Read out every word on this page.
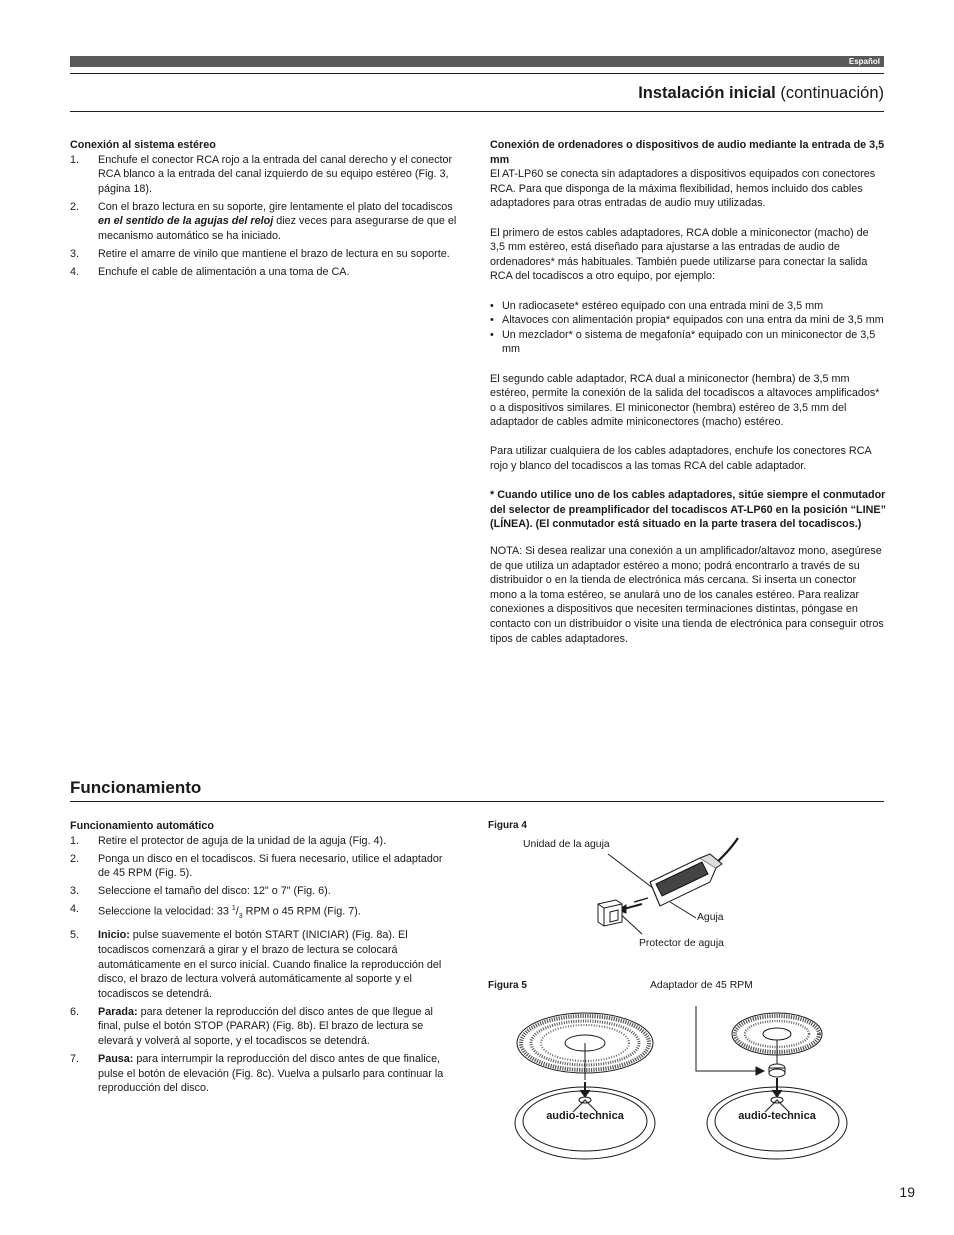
Español
Instalación inicial (continuación)

Conexión al sistema estéreo

1. Enchufe el conector RCA rojo a la entrada del canal derecho y el conector RCA blanco a la entrada del canal izquierdo de su equipo estéreo (Fig. 3, página 18).
2. Con el brazo lectura en su soporte, gire lentamente el plato del tocadiscos en el sentido de la agujas del reloj diez veces para asegurarse de que el mecanismo automático se ha iniciado.
3. Retire el amarre de vinilo que mantiene el brazo de lectura en su soporte.
4. Enchufe el cable de alimentación a una toma de CA.

Conexión de ordenadores o dispositivos de audio mediante la entrada de 3,5 mm

El AT-LP60 se conecta sin adaptadores a dispositivos equipados con conectores RCA. Para que disponga de la máxima flexibilidad, hemos incluido dos cables adaptadores para otras entradas de audio muy utilizadas.

El primero de estos cables adaptadores, RCA doble a miniconector (macho) de 3,5 mm estéreo, está diseñado para ajustarse a las entradas de audio de ordenadores* más habituales. También puede utilizarse para conectar la salida RCA del tocadiscos a otro equipo, por ejemplo:

• Un radiocasete* estéreo equipado con una entrada mini de 3,5 mm
• Altavoces con alimentación propia* equipados con una entra da mini de 3,5 mm
• Un mezclador* o sistema de megafonía* equipado con un miniconector de 3,5 mm

El segundo cable adaptador, RCA dual a miniconector (hembra) de 3,5 mm estéreo, permite la conexión de la salida del tocadiscos a altavoces amplificados* o a dispositivos similares. El miniconector (hembra) estéreo de 3,5 mm del adaptador de cables admite miniconectores (macho) estéreo.

Para utilizar cualquiera de los cables adaptadores, enchufe los conectores RCA rojo y blanco del tocadiscos a las tomas RCA del cable adaptador.

* Cuando utilice uno de los cables adaptadores, sitúe siempre el conmutador del selector de preamplificador del tocadiscos AT-LP60 en la posición “LINE” (LÍNEA). (El conmutador está situado en la parte trasera del tocadiscos.)

NOTA: Si desea realizar una conexión a un amplificador/altavoz mono, asegúrese de que utiliza un adaptador estéreo a mono; podrá encontrarlo a través de su distribuidor o en la tienda de electrónica más cercana. Si inserta un conector mono a la toma estéreo, se anulará uno de los canales estéreo. Para realizar conexiones a dispositivos que necesiten terminaciones distintas, póngase en contacto con un distribuidor o visite una tienda de electrónica para conseguir otros tipos de cables adaptadores.

Funcionamiento

Funcionamiento automático

1. Retire el protector de aguja de la unidad de la aguja (Fig. 4).
2. Ponga un disco en el tocadiscos. Si fuera necesario, utilice el adaptador de 45 RPM (Fig. 5).
3. Seleccione el tamaño del disco: 12" o 7" (Fig. 6).
4. Seleccione la velocidad: 33 $^1/_3$ RPM o 45 RPM (Fig. 7).
5. Inicio: pulse suavemente el botón START (INICIAR) (Fig. 8a). El tocadiscos comenzará a girar y el brazo de lectura se colocará automáticamente en el surco inicial. Cuando finalice la reproducción del disco, el brazo de lectura volverá automáticamente al soporte y el tocadiscos se detendrá.
6. Parada: para detener la reproducción del disco antes de que llegue al final, pulse el botón STOP (PARAR) (Fig. 8b). El brazo de lectura se elevará y volverá al soporte, y el tocadiscos se detendrá.
7. Pausa: para interrumpir la reproducción del disco antes de que finalice, pulse el botón de elevación (Fig. 8c). Vuelva a pulsarlo para continuar la reproducción del disco.
Figura 4
Unidad de la aguja
Aguja
Protector de aguja
Figura 5	Adaptador de 45 RPM
audio-technica	audio-technica
19
